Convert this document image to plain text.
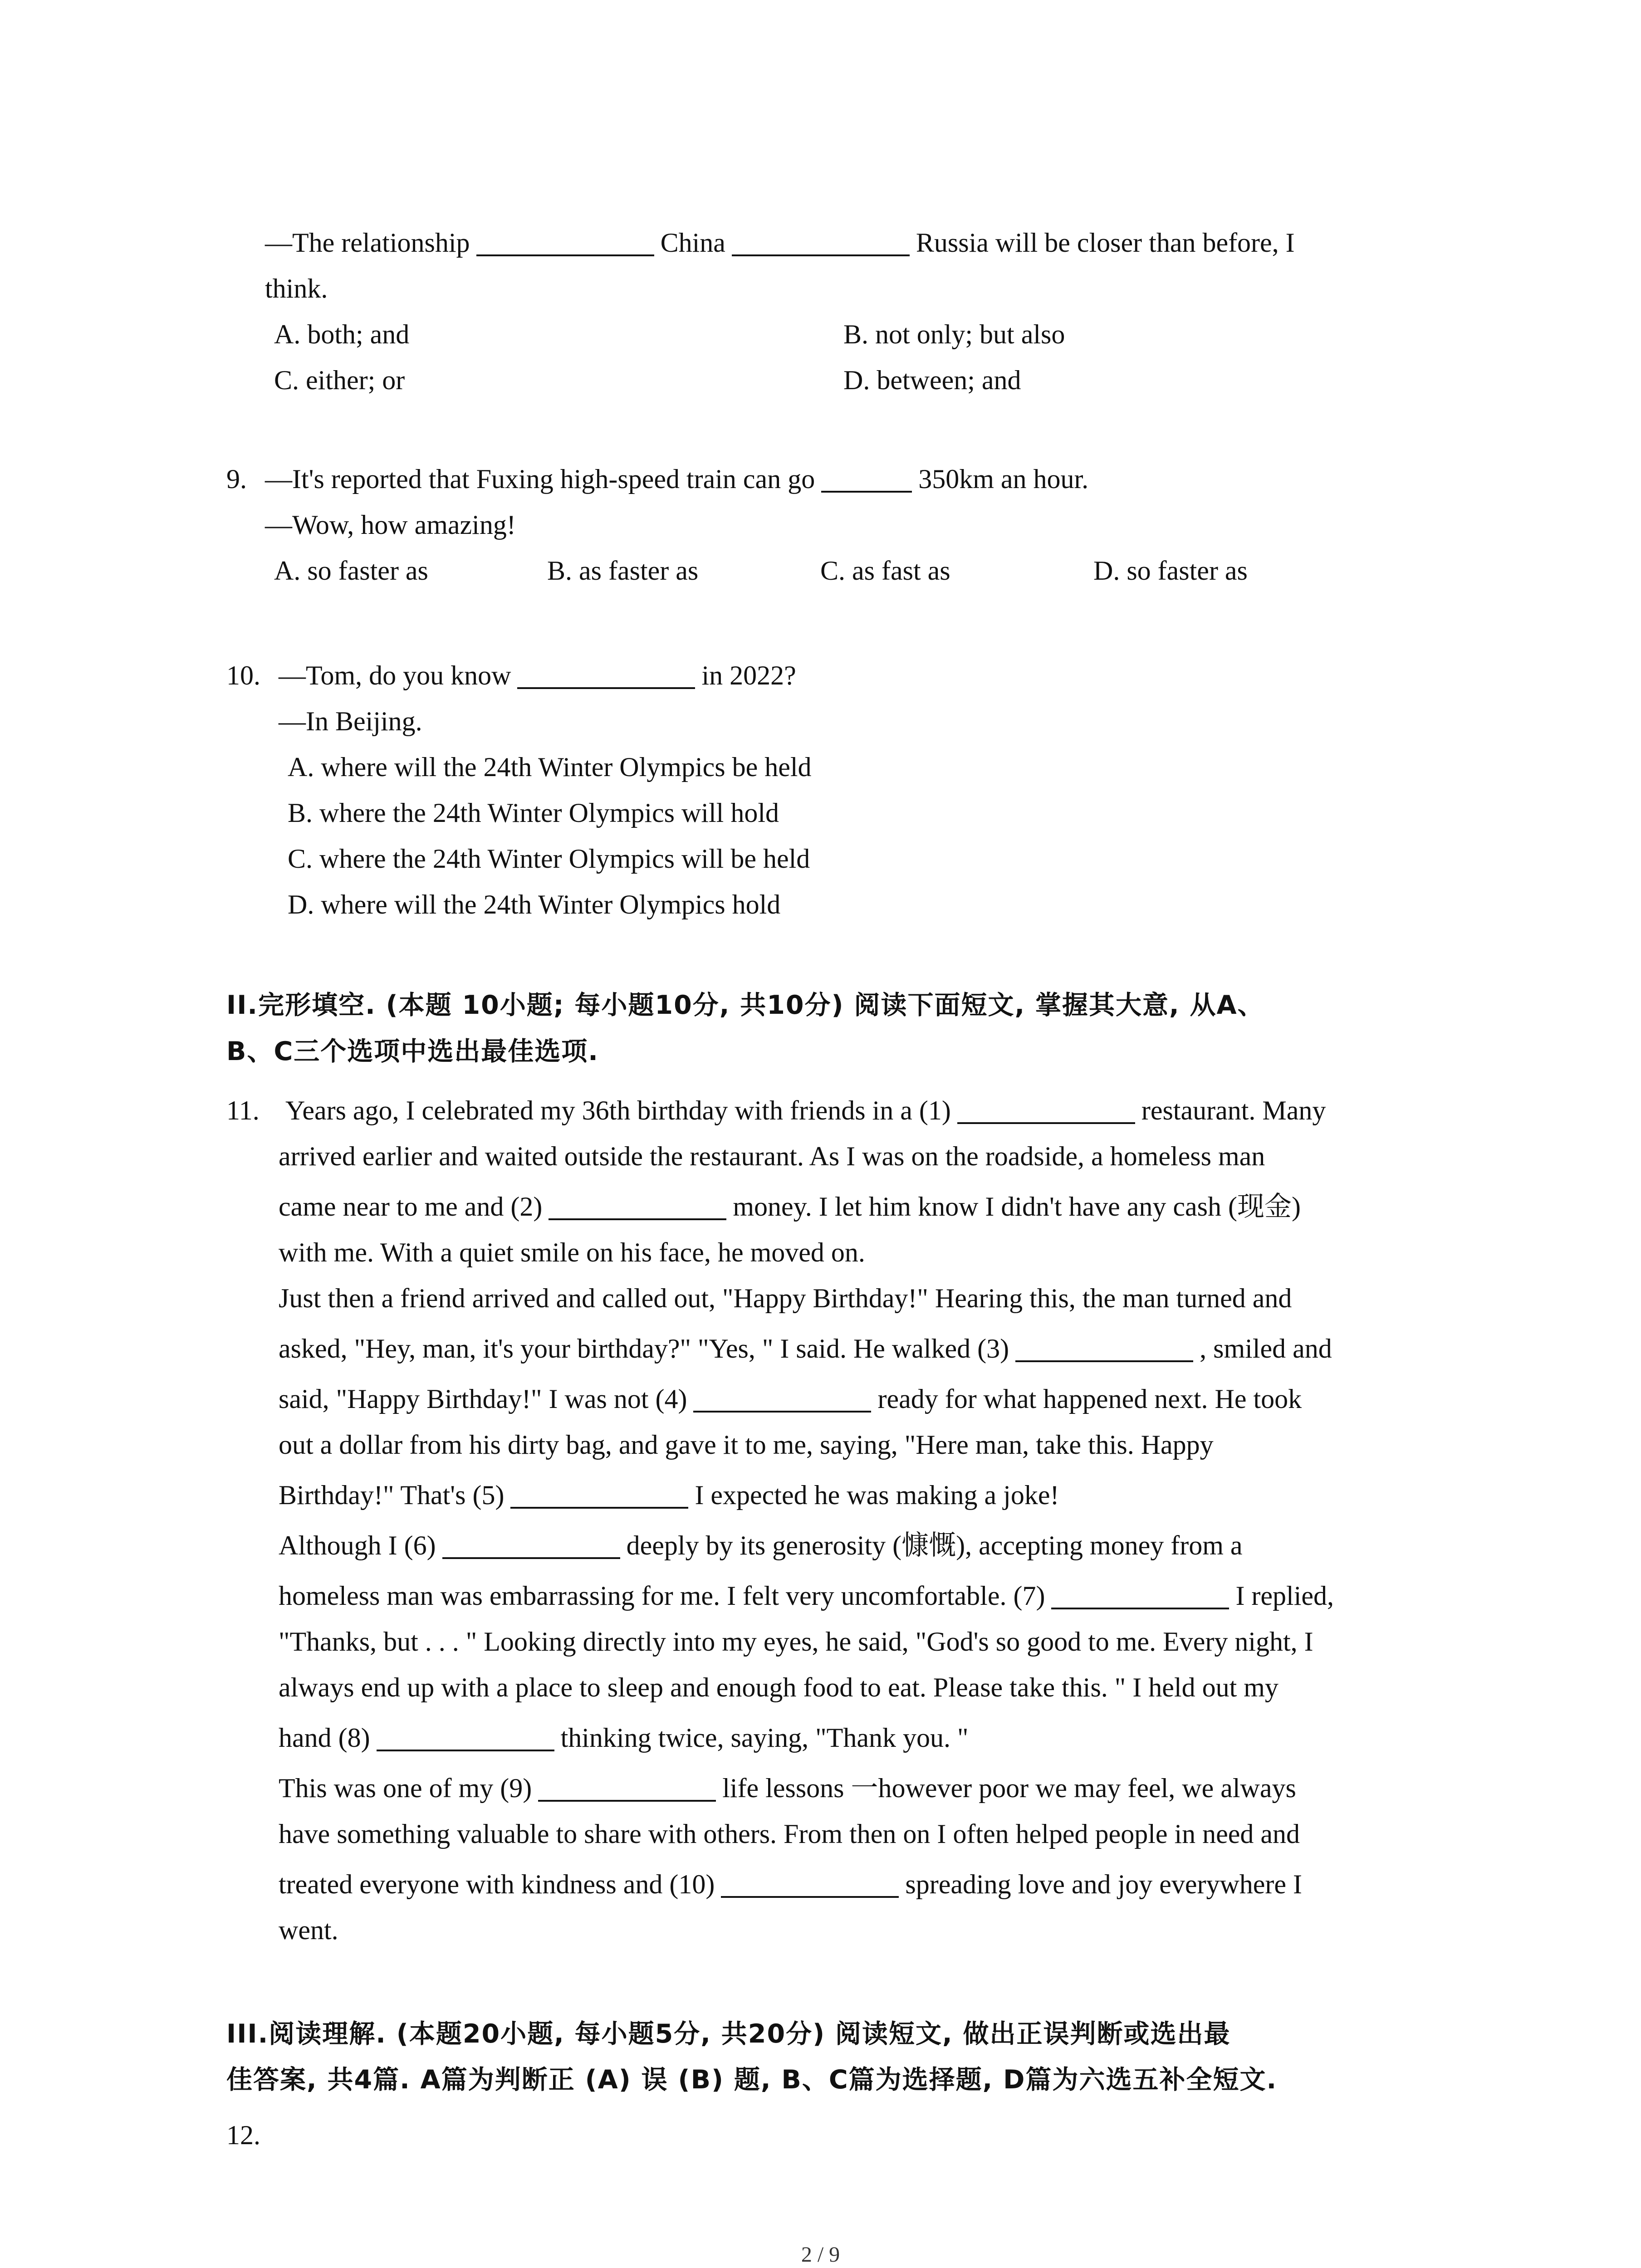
—The relationship	China	Russia will be closer than before, I
think.
A. both; and	B. not only; but also
C. either; or	D. between; and
9. —It's reported that Fuxing high-speed train can go	350km an hour.
—Wow, how amazing!
A. so faster as	B. as faster as	C. as fast as	D. so faster as
10. —Tom, do you know	in 2022?
—In Beijing.
A. where will the 24th Winter Olympics be held
B. where the 24th Winter Olympics will hold
C. where the 24th Winter Olympics will be held
D. where will the 24th Winter Olympics hold
II.完形填空. (本题 10小题; 每小题10分, 共10分) 阅读下面短文, 掌握其大意, 从A、
B、C三个选项中选出最佳选项.
11. Years ago, I celebrated my 36th birthday with friends in a (1)	restaurant. Many
arrived earlier and waited outside the restaurant. As I was on the roadside, a homeless man
came near to me and (2)	money. I let him know I didn't have any cash (现金)
with me. With a quiet smile on his face, he moved on.
Just then a friend arrived and called out, "Happy Birthday!" Hearing this, the man turned and
asked, "Hey, man, it's your birthday?" "Yes, " I said. He walked (3)	, smiled and
said, "Happy Birthday!" I was not (4)	ready for what happened next. He took
out a dollar from his dirty bag, and gave it to me, saying, "Here man, take this. Happy
Birthday!" That's (5)	I expected he was making a joke!
Although I (6)	deeply by its generosity (慷慨), accepting money from a
homeless man was embarrassing for me. I felt very uncomfortable. (7)	I replied,
"Thanks, but . . . " Looking directly into my eyes, he said, "God's so good to me. Every night, I
always end up with a place to sleep and enough food to eat. Please take this. " I held out my
hand (8)	thinking twice, saying, "Thank you. "
This was one of my (9)	life lessons 一however poor we may feel, we always
have something valuable to share with others. From then on I often helped people in need and
treated everyone with kindness and (10)	spreading love and joy everywhere I
went.
III.阅读理解. (本题20小题, 每小题5分, 共20分) 阅读短文, 做出正误判断或选出最
佳答案, 共4篇. A篇为判断正 (A) 误 (B) 题, B、C篇为选择题, D篇为六选五补全短文.
12.
2 / 9
